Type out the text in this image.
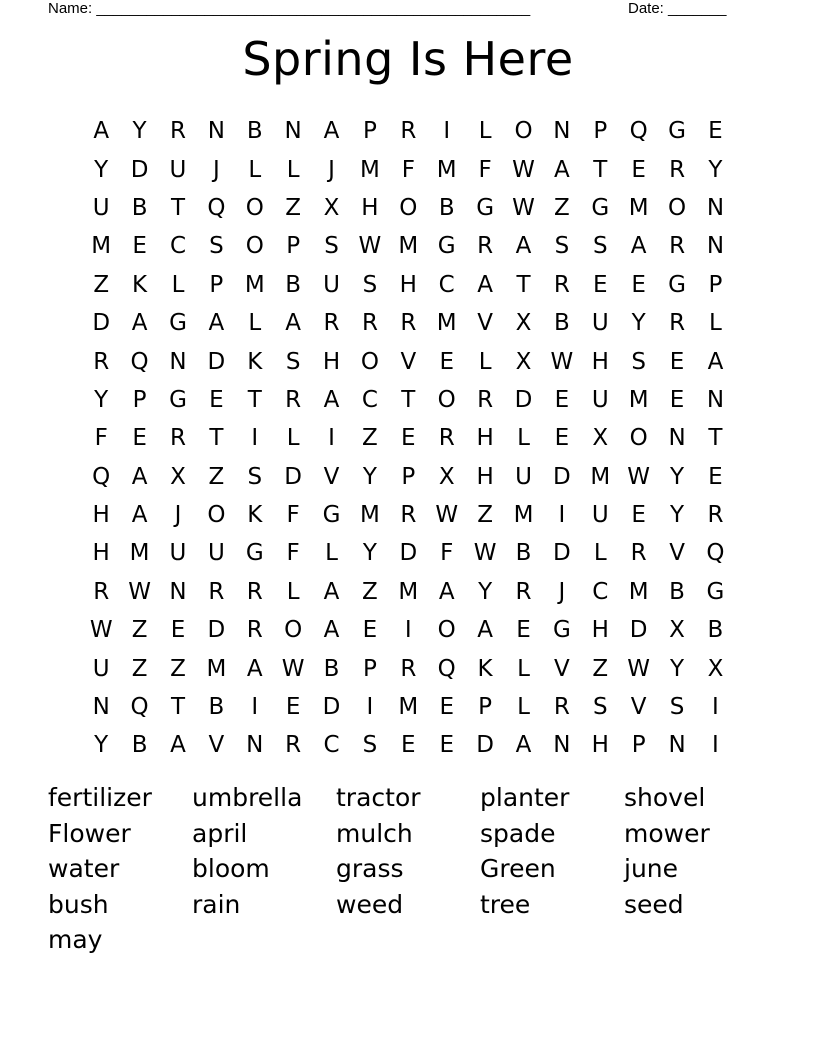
Name: ____________________________________________________	Date: _______
Spring Is Here
A	Y	R N B N A	P	R	I	L O N P Q G E
Y D U	J	L	L	J	M F M F W A	T	E	R	Y
U B	T Q O Z X H O B G W Z G M O N
M E	C	S O P	S W M G R A	S	S	A R N
Z K	L	P M B U S H C A	T	R	E	E G P
D A G A	L	A R R R M V X B U Y	R	L
R Q N D K	S H O V	E	L	X W H S	E	A
Y	P G E	T	R A C	T O R D E U M E N
F	E	R	T	I	L	I	Z	E	R H	L	E	X O N T
Q A X Z	S D V	Y	P	X H U D M W Y	E
H A	J	O K	F G M R W Z M	I	U E	Y	R
H M U U G F	L	Y D F W B D	L	R V Q
R W N R R	L	A Z M A	Y	R	J	C M B G
W Z	E D R O A	E	I	O A	E G H D X B
U Z Z M A W B	P	R Q K	L	V Z W Y	X
N Q T	B	I	E D	I	M E	P	L	R	S	V	S	I
Y	B A V N R C	S	E	E D A N H P N	I
fertilizer	umbrella	tractor	planter	shovel
Flower	april	mulch	spade	mower
water	bloom	grass	Green	june
bush	rain	weed	tree	seed
may
